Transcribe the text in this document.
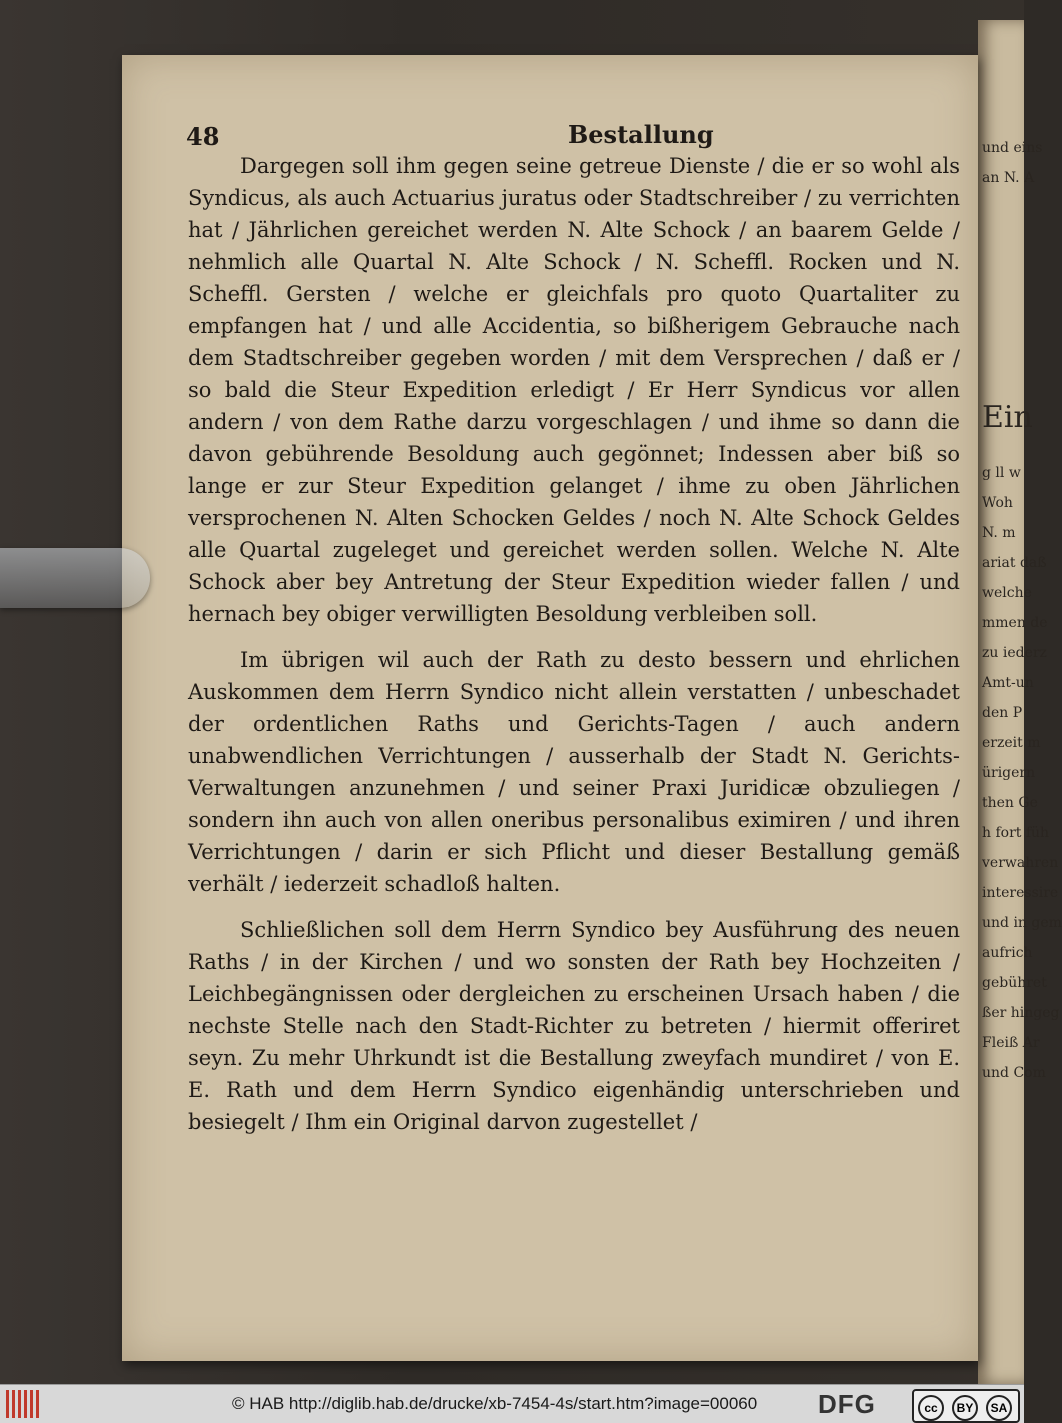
und eins
an N. A
Ein
g ll w
Woh
N. m
ariat daß
welche
mmen de
zu iederz
Amt-un
den P
erzeit m
ürigern
then Ge
h fort füh
verwahren
interessire
und in gem
aufrich
gebühret
ßer hingeg
Fleiß Ar
und Com
48	Bestallung

Dargegen soll ihm gegen seine getreue Dienste / die er so wohl als Syndicus, als auch Actuarius juratus oder Stadtschreiber / zu verrichten hat / Jährlichen gereichet werden N. Alte Schock / an baarem Gelde / nehmlich alle Quartal N. Alte Schock / N. Scheffl. Rocken und N. Scheffl. Gersten / welche er gleichfals pro quoto Quartaliter zu empfangen hat / und alle Accidentia, so bißherigem Gebrauche nach dem Stadtschreiber gegeben worden / mit dem Versprechen / daß er / so bald die Steur Expedition erledigt / Er Herr Syndicus vor allen andern / von dem Rathe darzu vorgeschlagen / und ihme so dann die davon gebührende Besoldung auch gegönnet; Indessen aber biß so lange er zur Steur Expedition gelanget / ihme zu oben Jährlichen versprochenen N. Alten Schocken Geldes / noch N. Alte Schock Geldes alle Quartal zugeleget und gereichet werden sollen. Welche N. Alte Schock aber bey Antretung der Steur Expedition wieder fallen / und hernach bey obiger verwilligten Besoldung verbleiben soll.

Im übrigen wil auch der Rath zu desto bessern und ehrlichen Auskommen dem Herrn Syndico nicht allein verstatten / unbeschadet der ordentlichen Raths und Gerichts-Tagen / auch andern unabwendlichen Verrichtungen / ausserhalb der Stadt N. Gerichts-Verwaltungen anzunehmen / und seiner Praxi Juridicæ obzuliegen / sondern ihn auch von allen oneribus personalibus eximiren / und ihren Verrichtungen / darin er sich Pflicht und dieser Bestallung gemäß verhält / iederzeit schadloß halten.

Schließlichen soll dem Herrn Syndico bey Ausführung des neuen Raths / in der Kirchen / und wo sonsten der Rath bey Hochzeiten / Leichbegängnissen oder dergleichen zu erscheinen Ursach haben / die nechste Stelle nach den Stadt-Richter zu betreten / hiermit offeriret seyn. Zu mehr Uhrkundt ist die Bestallung zweyfach mundiret / von E. E. Rath und dem Herrn Syndico eigenhändig unterschrieben und besiegelt / Ihm ein Original darvon zugestellet /

© HAB http://diglib.hab.de/drucke/xb-7454-4s/start.htm?image=00060 DFG	cc	BY	SA
